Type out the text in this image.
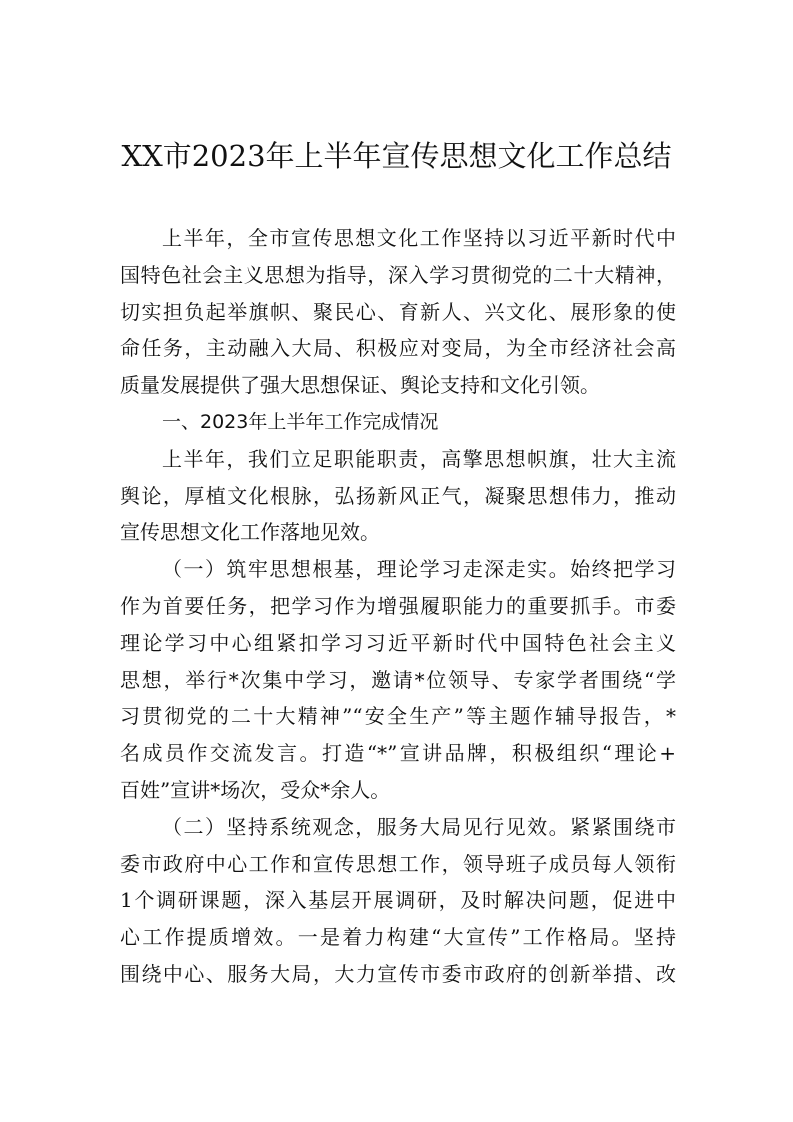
XX市2023年上半年宣传思想文化工作总结
上半年，全市宣传思想文化工作坚持以习近平新时代中
国特色社会主义思想为指导，深入学习贯彻党的二十大精神，
切实担负起举旗帜、聚民心、育新人、兴文化、展形象的使
命任务，主动融入大局、积极应对变局，为全市经济社会高
质量发展提供了强大思想保证、舆论支持和文化引领。
一、2023年上半年工作完成情况
上半年，我们立足职能职责，高擎思想帜旗，壮大主流
舆论，厚植文化根脉，弘扬新风正气，凝聚思想伟力，推动
宣传思想文化工作落地见效。
（一）筑牢思想根基，理论学习走深走实。始终把学习
作为首要任务，把学习作为增强履职能力的重要抓手。市委
理论学习中心组紧扣学习习近平新时代中国特色社会主义
思想，举行*次集中学习，邀请*位领导、专家学者围绕“学
习贯彻党的二十大精神”“安全生产”等主题作辅导报告，*
名成员作交流发言。打造“*”宣讲品牌，积极组织“理论+
百姓”宣讲*场次，受众*余人。
（二）坚持系统观念，服务大局见行见效。紧紧围绕市
委市政府中心工作和宣传思想工作，领导班子成员每人领衔
1个调研课题，深入基层开展调研，及时解决问题，促进中
心工作提质增效。一是着力构建“大宣传”工作格局。坚持
围绕中心、服务大局，大力宣传市委市政府的创新举措、改
